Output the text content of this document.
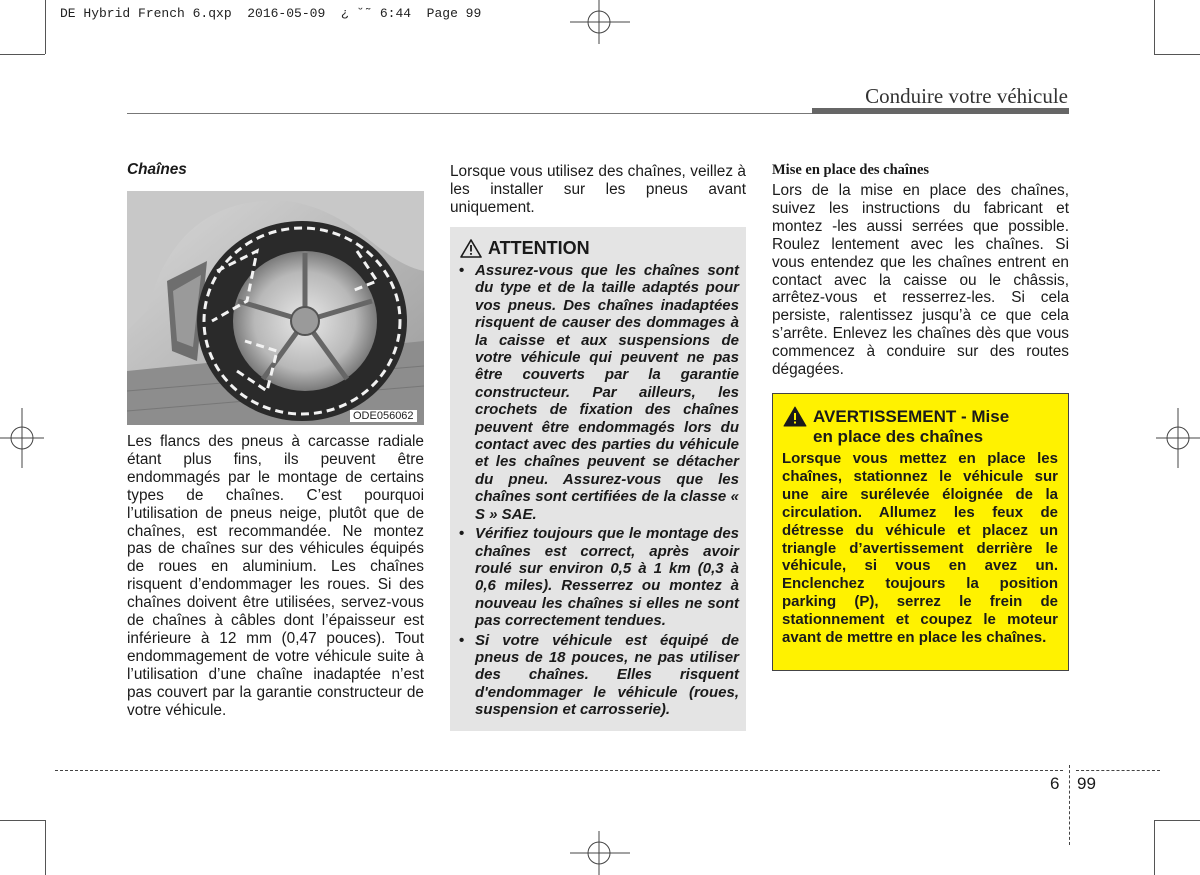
DE Hybrid French 6.qxp  2016-05-09  ¿ ˘˜ 6:44  Page 99
Conduire votre véhicule
Chaînes
ODE056062
Les flancs des pneus à carcasse radiale étant plus fins, ils peuvent être endommagés par le montage de certains types de chaînes. C’est pourquoi l’utilisation de pneus neige, plutôt que de chaînes, est recommandée. Ne montez pas de chaînes sur des véhicules équipés de roues en aluminium. Les chaînes risquent d’endommager les roues. Si des chaînes doivent être utilisées, servez-vous de chaînes à câbles dont l’épaisseur est inférieure à 12 mm (0,47 pouces). Tout endommagement de votre véhicule suite à l’utilisation d’une chaîne inadaptée n’est pas couvert par la garantie constructeur de votre véhicule.
Lorsque vous utilisez des chaînes, veillez à les installer sur les pneus avant uniquement.
ATTENTION
• Assurez-vous que les chaînes sont du type et de la taille adaptés pour vos pneus. Des chaînes inadaptées risquent de causer des dommages à la caisse et aux suspensions de votre véhicule qui peuvent ne pas être couverts par la garantie constructeur. Par ailleurs, les crochets de fixation des chaînes peuvent être endommagés lors du contact avec des parties du véhicule et les chaînes peuvent se détacher du pneu. Assurez-vous que les chaînes sont certifiées de la classe « S » SAE.
• Vérifiez toujours que le montage des chaînes est correct, après avoir roulé sur environ 0,5 à 1 km (0,3 à 0,6 miles). Resserrez ou montez à nouveau les chaînes si elles ne sont pas correctement tendues.
• Si votre véhicule est équipé de pneus de 18 pouces, ne pas utiliser des chaînes. Elles risquent d'endommager le véhicule (roues, suspension et carrosserie).
Mise en place des chaînes
Lors de la mise en place des chaînes, suivez les instructions du fabricant et montez -les aussi serrées que possible. Roulez lentement avec les chaînes. Si vous entendez que les chaînes entrent en contact avec la caisse ou le châssis, arrêtez-vous et resserrez-les. Si cela persiste, ralentissez jusqu’à ce que cela s’arrête. Enlevez les chaînes dès que vous commencez à conduire sur des routes dégagées.
AVERTISSEMENT - Mise
en place des chaînes
Lorsque vous mettez en place les chaînes, stationnez le véhicule sur une aire surélevée éloignée de la circulation. Allumez les feux de détresse du véhicule et placez un triangle d’avertissement derrière le véhicule, si vous en avez un. Enclenchez toujours la position parking (P), serrez le frein de stationnement et coupez le moteur avant de mettre en place les chaînes.
6 99
